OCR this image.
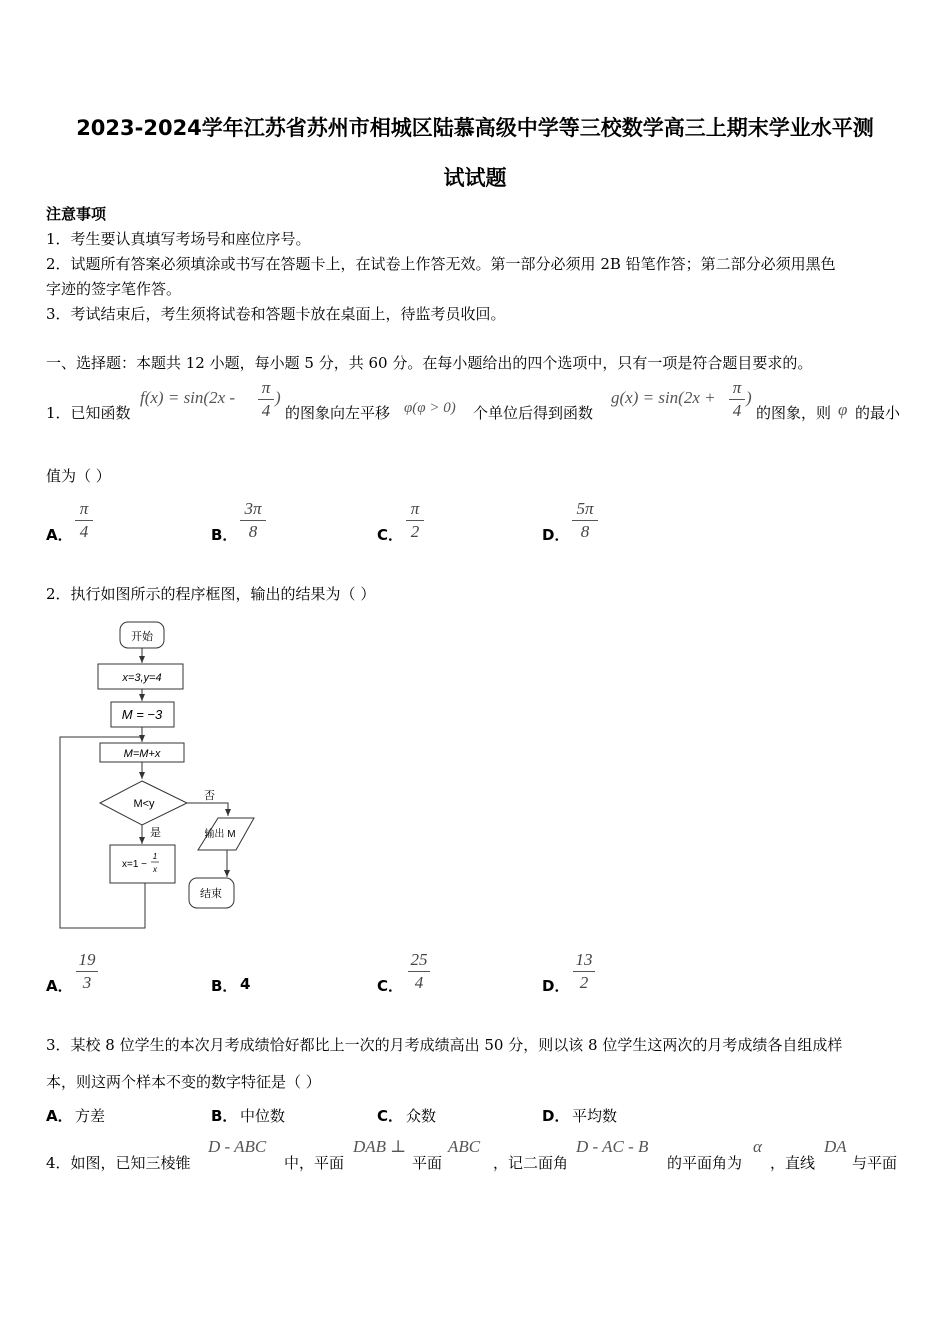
2023-2024学年江苏省苏州市相城区陆慕高级中学等三校数学高三上期末学业水平测
试试题
注意事项
1．考生要认真填写考场号和座位序号。
2．试题所有答案必须填涂或书写在答题卡上，在试卷上作答无效。第一部分必须用 2B 铅笔作答；第二部分必须用黑色
字迹的签字笔作答。
3．考试结束后，考生须将试卷和答题卡放在桌面上，待监考员收回。
一、选择题：本题共 12 小题，每小题 5 分，共 60 分。在每小题给出的四个选项中，只有一项是符合题目要求的。
1．已知函数
f(x) = sin(2x -
π
4
)
的图象向左平移 φ(φ > 0) 个单位后得到函数
g(x) = sin(2x +
π
4
)
的图象，则 φ 的最小
值为（ ）
A．
π
4	B．
3π
8	C．
π
2	D．
5π
8
2．执行如图所示的程序框图，输出的结果为（ ）
开始
x=3,y=4
M = −3
M=M+x
M<y
否
是	输出 M
x=1 −
1
x
结束
A．
19
3	B． 4	C．
25
4	D．
13
2
3．某校 8 位学生的本次月考成绩恰好都比上一次的月考成绩高出 50 分，则以该 8 位学生这两次的月考成绩各自组成样
本，则这两个样本不变的数字特征是（ ）
A． 方差	B． 中位数	C． 众数	D． 平均数
4．如图，已知三棱锥
D - ABC
中，平面
DAB ⊥
平面
ABC
，记二面角
D - AC - B
的平面角为
α
，直线
DA
与平面
